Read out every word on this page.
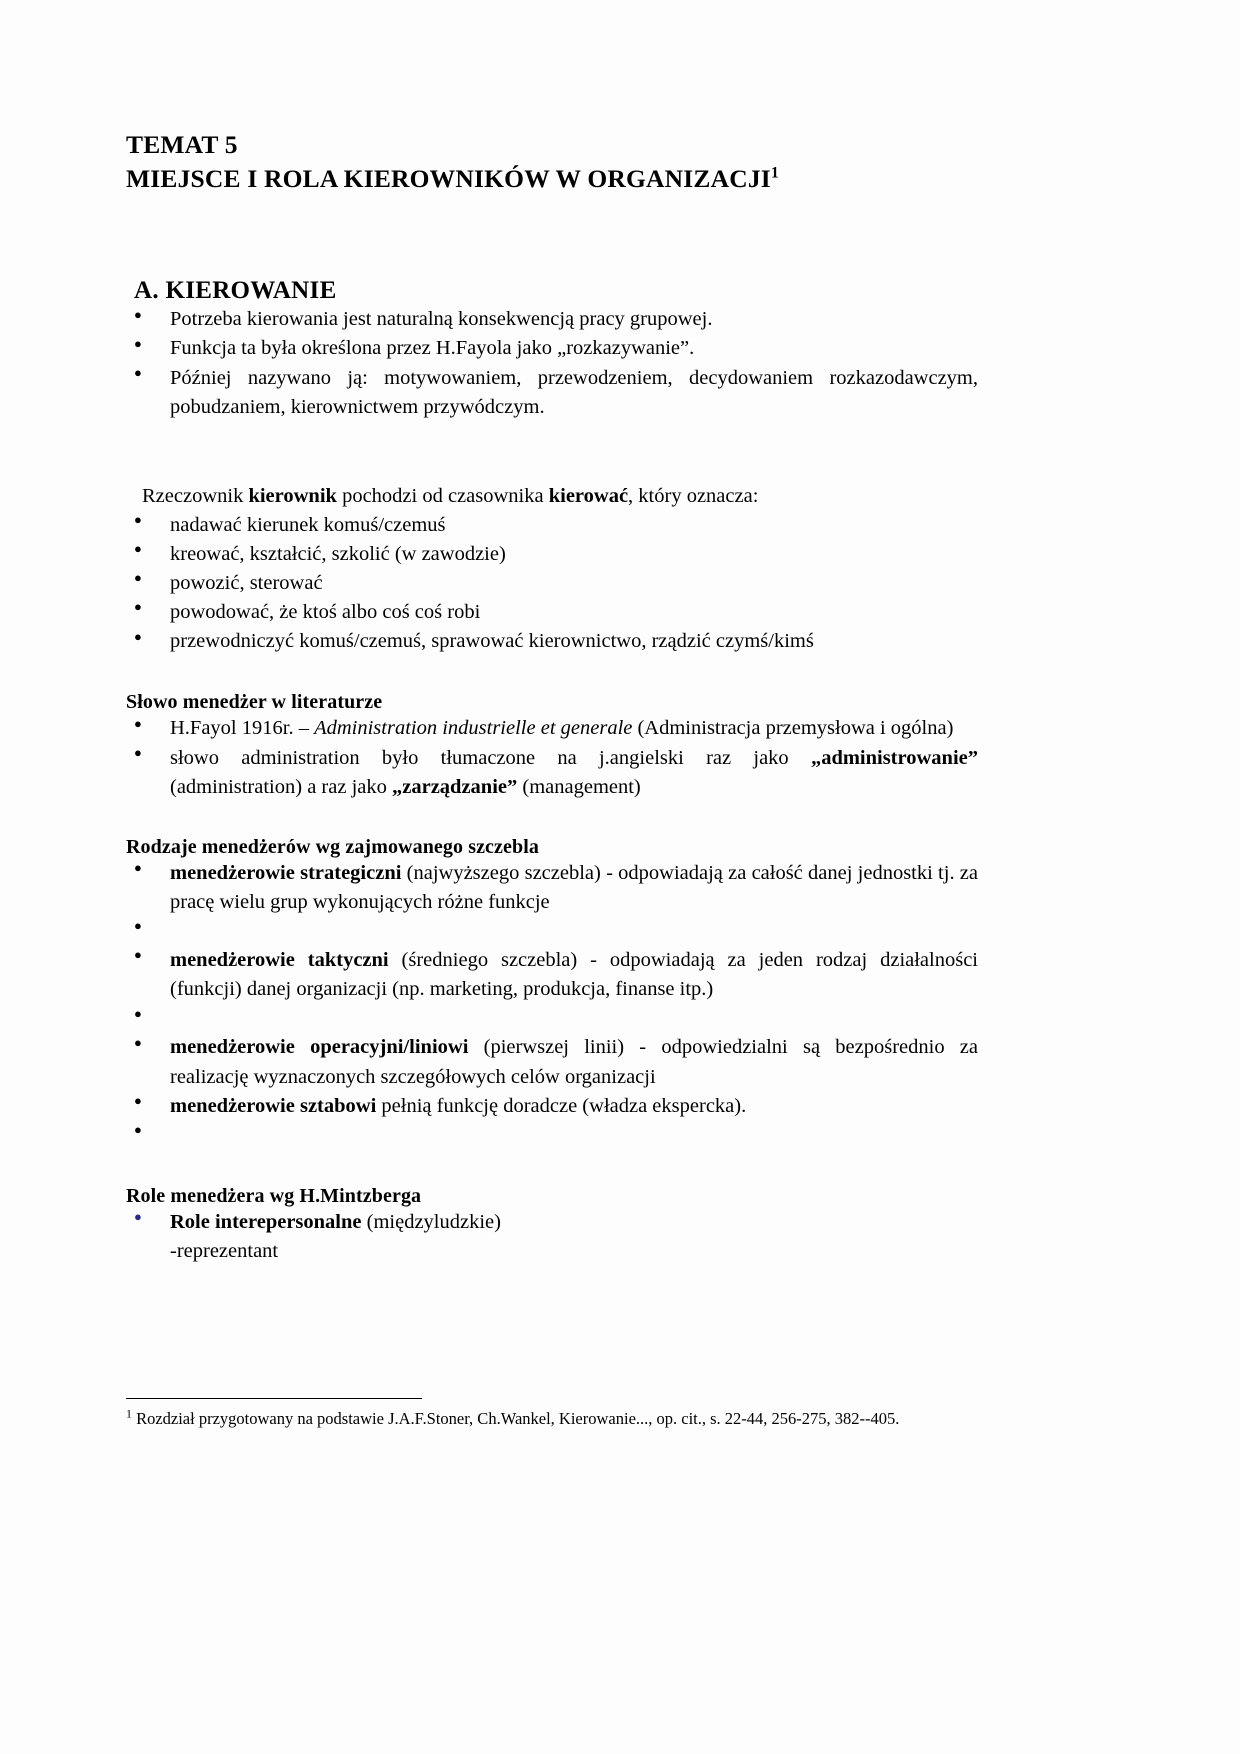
TEMAT 5
MIEJSCE I ROLA KIEROWNIKÓW W ORGANIZACJI$^1$
A. KIEROWANIE
● Potrzeba kierowania jest naturalną konsekwencją pracy grupowej.
● Funkcja ta była określona przez H.Fayola jako „rozkazywanie”.
● Później nazywano ją: motywowaniem, przewodzeniem, decydowaniem rozkazodawczym, pobudzaniem, kierownictwem przywódczym.

Rzeczownik kierownik pochodzi od czasownika kierować, który oznacza:

● nadawać kierunek komuś/czemuś
● kreować, kształcić, szkolić (w zawodzie)
● powozić, sterować
● powodować, że ktoś albo coś coś robi
● przewodniczyć komuś/czemuś, sprawować kierownictwo, rządzić czymś/kimś
Słowo menedżer w literaturze
● H.Fayol 1916r. – Administration industrielle et generale (Administracja przemysłowa i ogólna)
● słowo administration było tłumaczone na j.angielski raz jako „administrowanie” (administration) a raz jako „zarządzanie” (management)
Rodzaje menedżerów wg zajmowanego szczebla
● menedżerowie strategiczni (najwyższego szczebla) - odpowiadają za całość danej jednostki tj. za pracę wielu grup wykonujących różne funkcje
●
● menedżerowie taktyczni (średniego szczebla) - odpowiadają za jeden rodzaj działalności (funkcji) danej organizacji (np. marketing, produkcja, finanse itp.)
●
● menedżerowie operacyjni/liniowi (pierwszej linii) - odpowiedzialni są bezpośrednio za realizację wyznaczonych szczegółowych celów organizacji
● menedżerowie sztabowi pełnią funkcję doradcze (władza ekspercka).
●
Role menedżera wg H.Mintzberga
● Role interepersonalne (międzyludzkie)
-reprezentant
$^1$ Rozdział przygotowany na podstawie J.A.F.Stoner, Ch.Wankel, Kierowanie..., op. cit., s. 22-44, 256-275, 382--405.
